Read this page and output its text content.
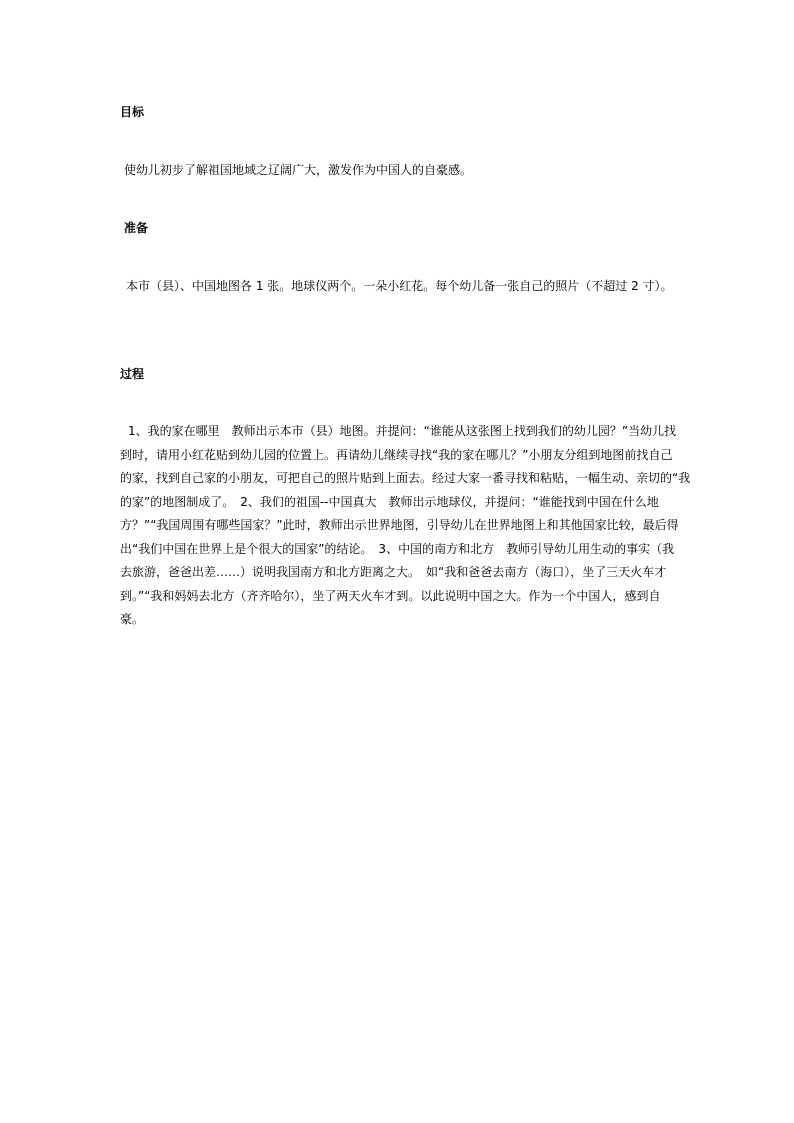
目标
使幼儿初步了解祖国地域之辽阔广大，激发作为中国人的自豪感。
准备
本市（县）、中国地图各 1 张。地球仪两个。一朵小红花。每个幼儿备一张自己的照片（不超过 2 寸）。
过程
1、我的家在哪里　教师出示本市（县）地图。并提问：“谁能从这张图上找到我们的幼儿园？”当幼儿找
到时，请用小红花贴到幼儿园的位置上。再请幼儿继续寻找“我的家在哪儿？”小朋友分组到地图前找自己
的家，找到自己家的小朋友，可把自己的照片贴到上面去。经过大家一番寻找和粘贴，一幅生动、亲切的“我
的家”的地图制成了。　2、我们的祖国--中国真大　教师出示地球仪，并提问：“谁能找到中国在什么地
方？”“我国周围有哪些国家？”此时，教师出示世界地图，引导幼儿在世界地图上和其他国家比较，最后得
出“我们中国在世界上是个很大的国家”的结论。　3、中国的南方和北方　教师引导幼儿用生动的事实（我
去旅游，爸爸出差……）说明我国南方和北方距离之大。　如“我和爸爸去南方（海口），坐了三天火车才
到。”“我和妈妈去北方（齐齐哈尔），坐了两天火车才到。以此说明中国之大。作为一个中国人，感到自
豪。
